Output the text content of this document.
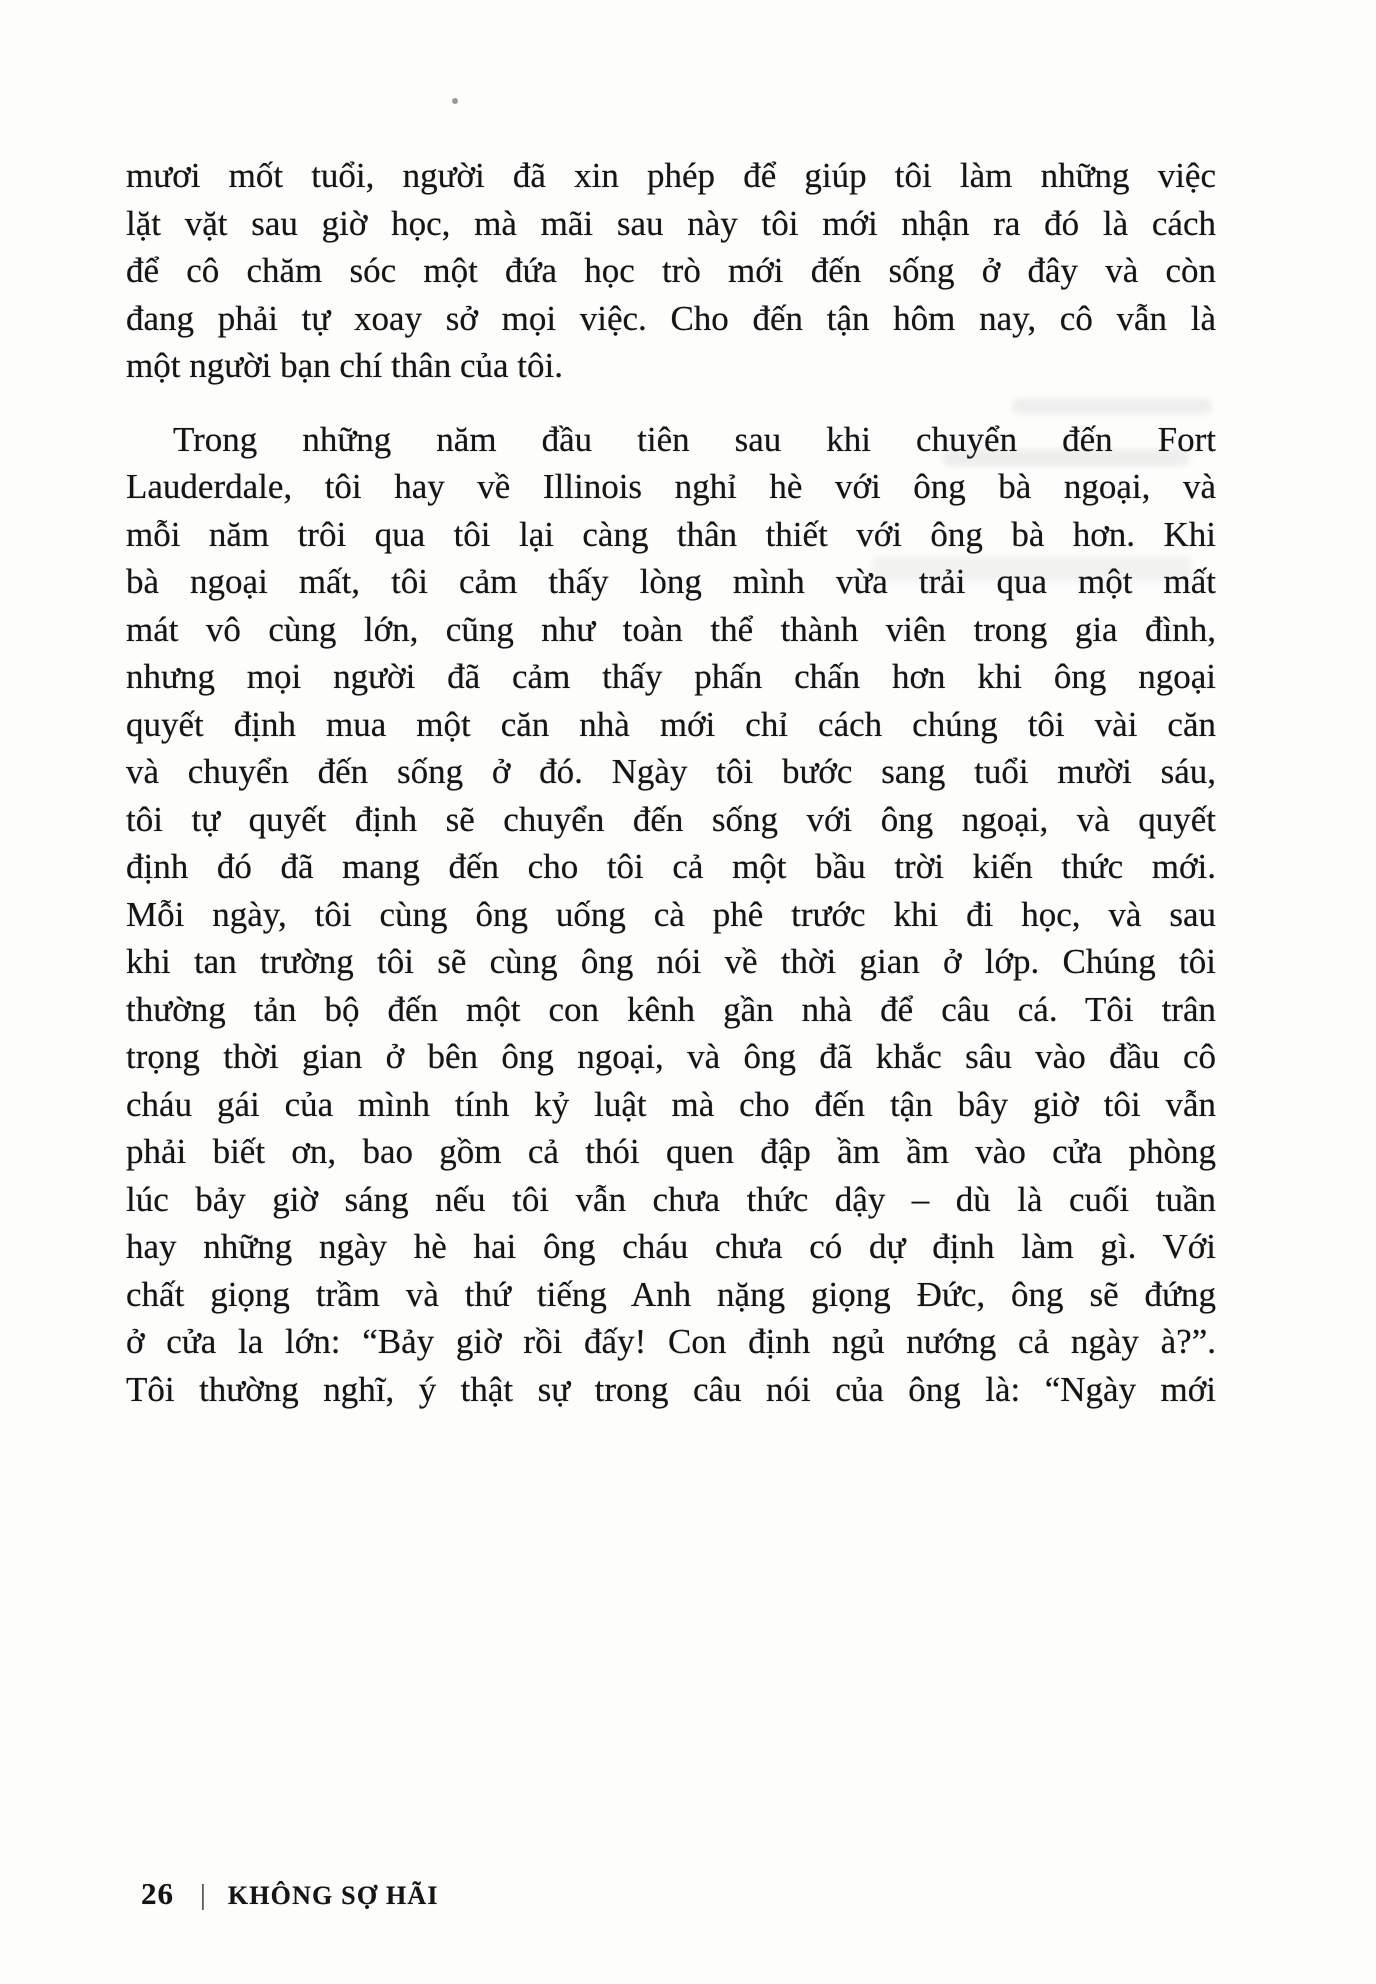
mươi mốt tuổi, người đã xin phép để giúp tôi làm những việc
lặt vặt sau giờ học, mà mãi sau này tôi mới nhận ra đó là cách
để cô chăm sóc một đứa học trò mới đến sống ở đây và còn
đang phải tự xoay sở mọi việc. Cho đến tận hôm nay, cô vẫn là
một người bạn chí thân của tôi.

Trong những năm đầu tiên sau khi chuyển đến Fort
Lauderdale, tôi hay về Illinois nghỉ hè với ông bà ngoại, và
mỗi năm trôi qua tôi lại càng thân thiết với ông bà hơn. Khi
bà ngoại mất, tôi cảm thấy lòng mình vừa trải qua một mất
mát vô cùng lớn, cũng như toàn thể thành viên trong gia đình,
nhưng mọi người đã cảm thấy phấn chấn hơn khi ông ngoại
quyết định mua một căn nhà mới chỉ cách chúng tôi vài căn
và chuyển đến sống ở đó. Ngày tôi bước sang tuổi mười sáu,
tôi tự quyết định sẽ chuyển đến sống với ông ngoại, và quyết
định đó đã mang đến cho tôi cả một bầu trời kiến thức mới.
Mỗi ngày, tôi cùng ông uống cà phê trước khi đi học, và sau
khi tan trường tôi sẽ cùng ông nói về thời gian ở lớp. Chúng tôi
thường tản bộ đến một con kênh gần nhà để câu cá. Tôi trân
trọng thời gian ở bên ông ngoại, và ông đã khắc sâu vào đầu cô
cháu gái của mình tính kỷ luật mà cho đến tận bây giờ tôi vẫn
phải biết ơn, bao gồm cả thói quen đập ầm ầm vào cửa phòng
lúc bảy giờ sáng nếu tôi vẫn chưa thức dậy – dù là cuối tuần
hay những ngày hè hai ông cháu chưa có dự định làm gì. Với
chất giọng trầm và thứ tiếng Anh nặng giọng Đức, ông sẽ đứng
ở cửa la lớn: “Bảy giờ rồi đấy! Con định ngủ nướng cả ngày à?”.
Tôi thường nghĩ, ý thật sự trong câu nói của ông là: “Ngày mới

26 | KHÔNG SỢ HÃI
